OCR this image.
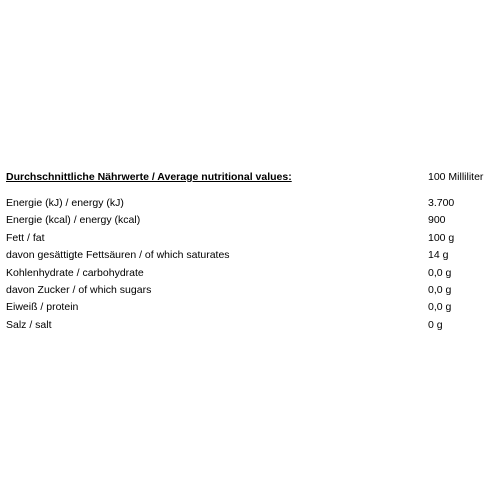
Durchschnittliche Nährwerte / Average nutritional values:	100 Milliliter
Energie (kJ) / energy (kJ)	3.700
Energie (kcal) / energy (kcal)	900
Fett / fat	100 g
davon gesättigte Fettsäuren / of which saturates	14 g
Kohlenhydrate / carbohydrate	0,0 g
davon Zucker / of which sugars	0,0 g
Eiweiß / protein	0,0 g
Salz / salt	0 g
